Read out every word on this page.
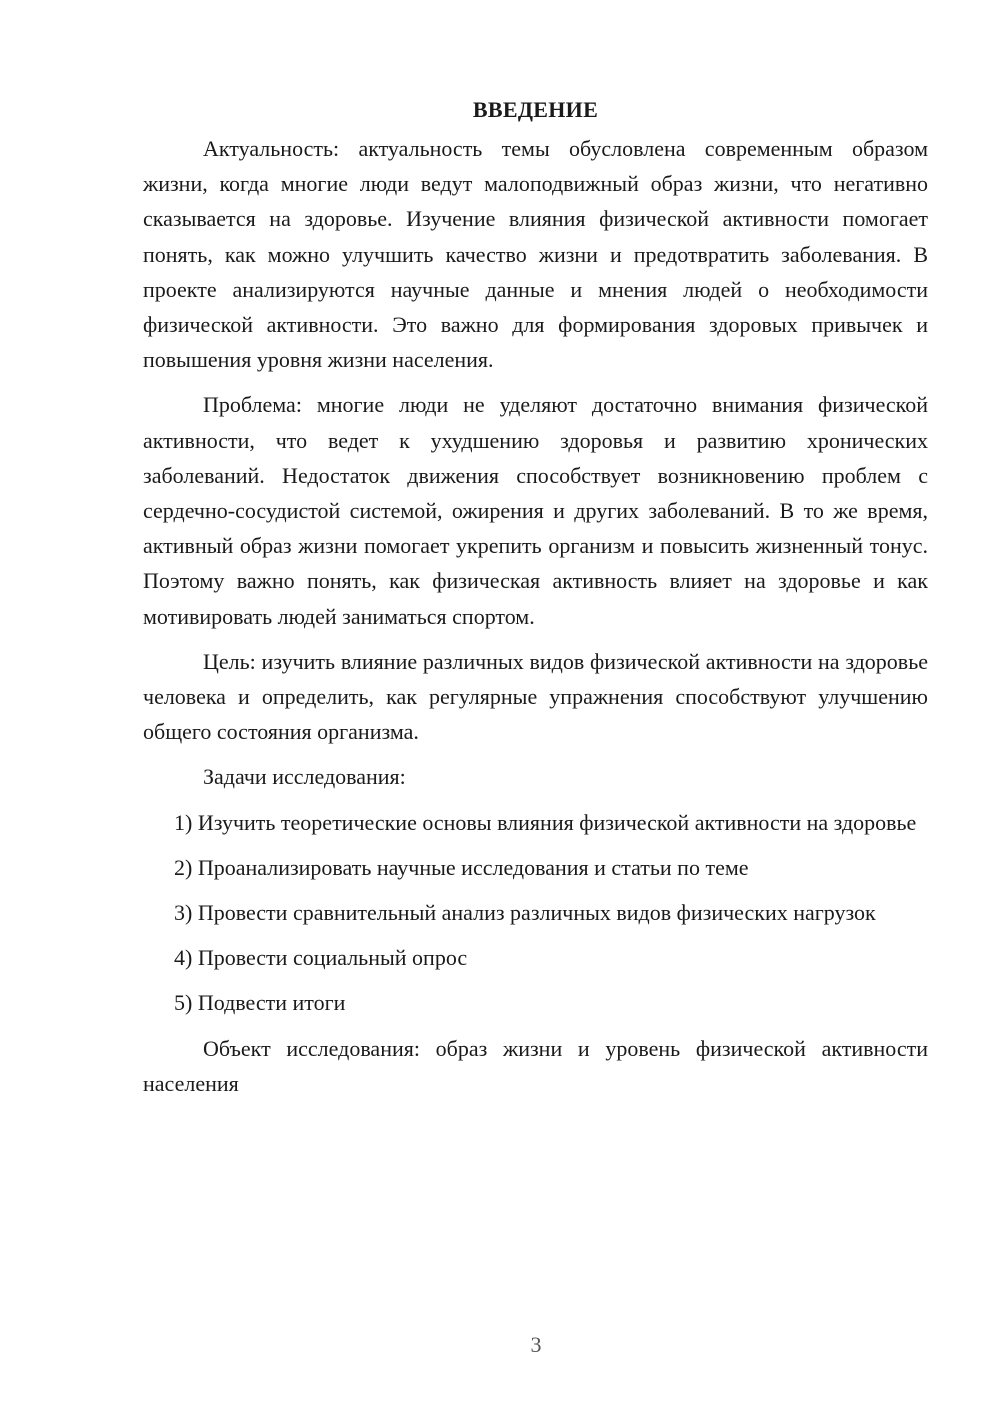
ВВЕДЕНИЕ

Актуальность: актуальность темы обусловлена современным образом жизни, когда многие люди ведут малоподвижный образ жизни, что негативно сказывается на здоровье. Изучение влияния физической активности помогает понять, как можно улучшить качество жизни и предотвратить заболевания. В проекте анализируются научные данные и мнения людей о необходимости физической активности. Это важно для формирования здоровых привычек и повышения уровня жизни населения.

Проблема: многие люди не уделяют достаточно внимания физической активности, что ведет к ухудшению здоровья и развитию хронических заболеваний. Недостаток движения способствует возникновению проблем с сердечно-сосудистой системой, ожирения и других заболеваний. В то же время, активный образ жизни помогает укрепить организм и повысить жизненный тонус. Поэтому важно понять, как физическая активность влияет на здоровье и как мотивировать людей заниматься спортом.

Цель: изучить влияние различных видов физической активности на здоровье человека и определить, как регулярные упражнения способствуют улучшению общего состояния организма.

Задачи исследования:

1) Изучить теоретические основы влияния физической активности на здоровье

2) Проанализировать научные исследования и статьи по теме

3) Провести сравнительный анализ различных видов физических нагрузок

4) Провести социальный опрос

5) Подвести итоги

Объект исследования: образ жизни и уровень физической активности населения

3
